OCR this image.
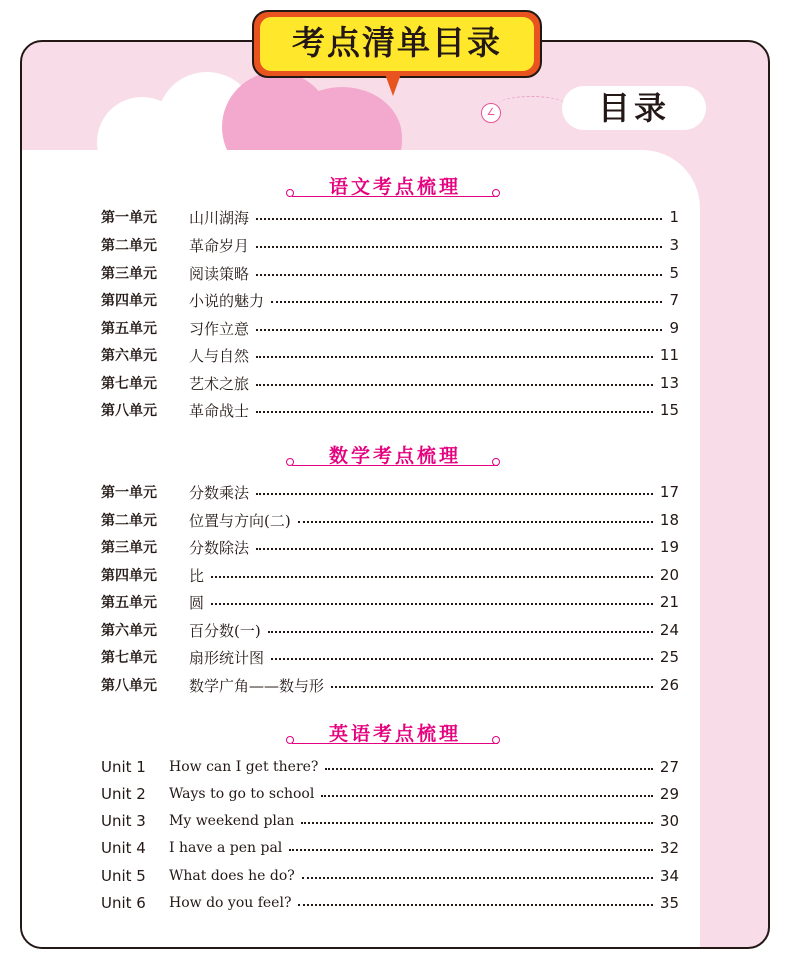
考点清单目录
∠	目录
语文考点梳理
第一单元	山川湖海	1
第二单元	革命岁月	3
第三单元	阅读策略	5
第四单元	小说的魅力	7
第五单元	习作立意	9
第六单元	人与自然	11
第七单元	艺术之旅	13
第八单元	革命战士	15
数学考点梳理
第一单元	分数乘法	17
第二单元	位置与方向(二)	18
第三单元	分数除法	19
第四单元	比	20
第五单元	圆	21
第六单元	百分数(一)	24
第七单元	扇形统计图	25
第八单元	数学广角——数与形	26
英语考点梳理
Unit 1	How can I get there?	27
Unit 2	Ways to go to school	29
Unit 3	My weekend plan	30
Unit 4	I have a pen pal	32
Unit 5	What does he do?	34
Unit 6	How do you feel?	35
